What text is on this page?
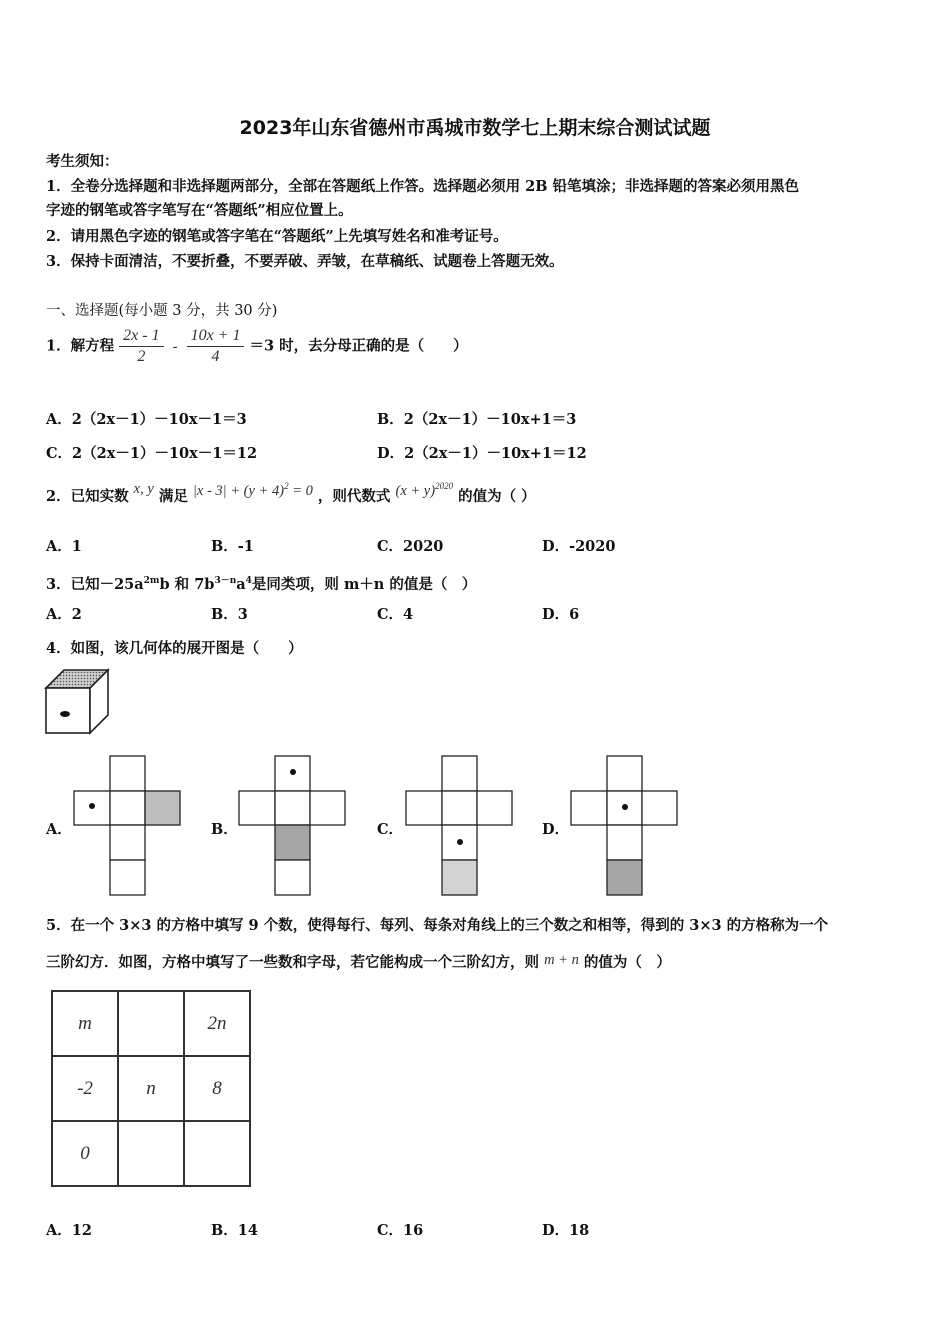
2023年山东省德州市禹城市数学七上期末综合测试试题
考生须知：
1．全卷分选择题和非选择题两部分，全部在答题纸上作答。选择题必须用 2B 铅笔填涂；非选择题的答案必须用黑色
字迹的钢笔或答字笔写在“答题纸”相应位置上。
2．请用黑色字迹的钢笔或答字笔在“答题纸”上先填写姓名和准考证号。
3．保持卡面清洁，不要折叠，不要弄破、弄皱，在草稿纸、试题卷上答题无效。
一、选择题(每小题 3 分，共 30 分)
1．解方程 $\frac{2x - 1}{2} - \frac{10x + 1}{4} =3$ 时，去分母正确的是（　　）
A．2（2x－1）－10x－1＝3	B．2（2x－1）－10x+1＝3
C．2（2x－1）－10x－1＝12	D．2（2x－1）－10x+1＝12
2．已知实数 x, y 满足 $|x - 3| + (y + 4)^2 = 0$ ，则代数式 $(x + y)^{2020}$ 的值为（ ）
A．1	B．-1	C．2020	D．-2020
3．已知$-25a^{2m}b$ 和 $7b^{3-n}a^4$是同类项，则 m＋n 的值是（　）
A．2	B．3	C．4	D．6
4．如图，该几何体的展开图是（　　）
A．	B．	C．	D．
5．在一个 3×3 的方格中填写 9 个数，使得每行、每列、每条对角线上的三个数之和相等，得到的 3×3 的方格称为一个
三阶幻方．如图，方格中填写了一些数和字母，若它能构成一个三阶幻方，则 m + n 的值为（　）
m		2n
-2	n	8
0		
A．12	B．14	C．16	D．18
